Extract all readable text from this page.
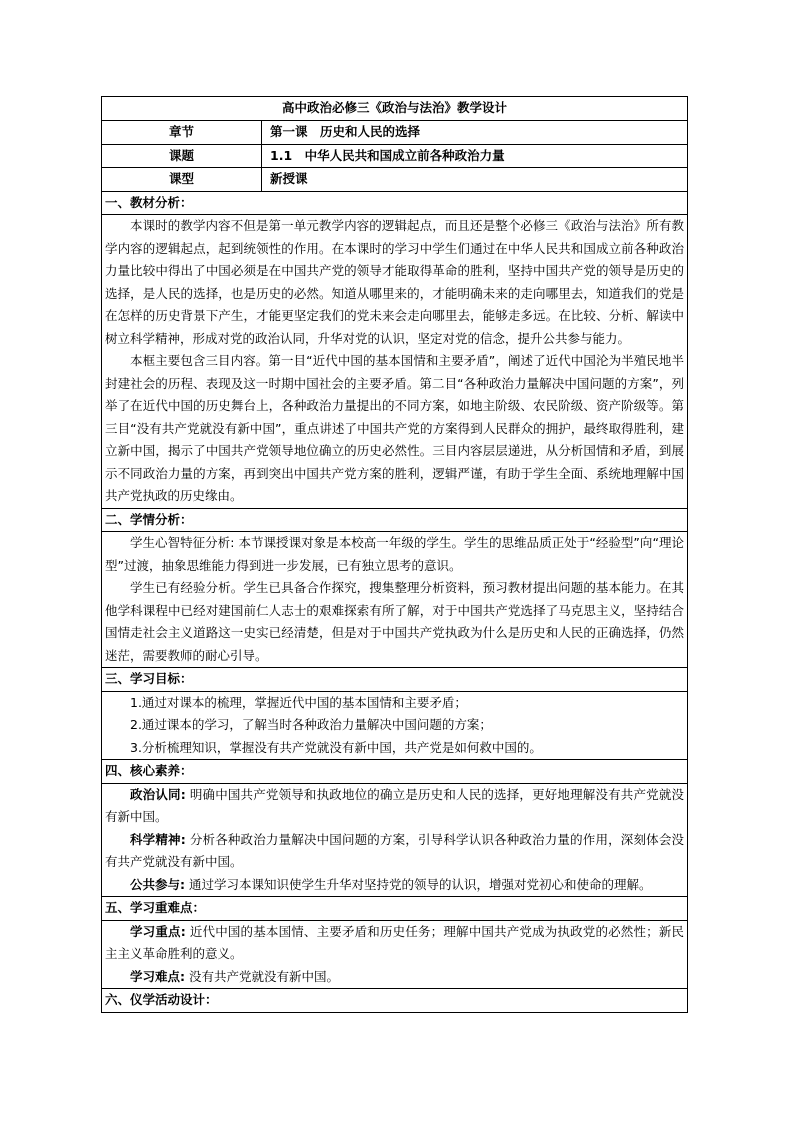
高中政治必修三《政治与法治》教学设计	
章节	第一课　历史和人民的选择
课题	1.1　中华人民共和国成立前各种政治力量
课型	新授课
一、教材分析：	

本课时的教学内容不但是第一单元教学内容的逻辑起点，而且还是整个必修三《政治与法治》所有教学内容的逻辑起点，起到统领性的作用。在本课时的学习中学生们通过在中华人民共和国成立前各种政治力量比较中得出了中国必须是在中国共产党的领导才能取得革命的胜利，坚持中国共产党的领导是历史的选择，是人民的选择，也是历史的必然。知道从哪里来的，才能明确未来的走向哪里去，知道我们的党是在怎样的历史背景下产生，才能更坚定我们的党未来会走向哪里去，能够走多远。在比较、分析、解读中树立科学精神，形成对党的政治认同，升华对党的认识，坚定对党的信念，提升公共参与能力。

本框主要包含三目内容。第一目“近代中国的基本国情和主要矛盾”，阐述了近代中国沦为半殖民地半封建社会的历程、表现及这一时期中国社会的主要矛盾。第二目“各种政治力量解决中国问题的方案”，列举了在近代中国的历史舞台上，各种政治力量提出的不同方案，如地主阶级、农民阶级、资产阶级等。第三目“没有共产党就没有新中国”，重点讲述了中国共产党的方案得到人民群众的拥护，最终取得胜利，建立新中国，揭示了中国共产党领导地位确立的历史必然性。三目内容层层递进，从分析国情和矛盾，到展示不同政治力量的方案，再到突出中国共产党方案的胜利，逻辑严谨，有助于学生全面、系统地理解中国共产党执政的历史缘由。	

二、学情分析：	

学生心智特征分析: 本节课授课对象是本校高一年级的学生。学生的思维品质正处于“经验型”向“理论型”过渡，抽象思维能力得到进一步发展，已有独立思考的意识。

学生已有经验分析。学生已具备合作探究，搜集整理分析资料，预习教材提出问题的基本能力。在其他学科课程中已经对建国前仁人志士的艰难探索有所了解，对于中国共产党选择了马克思主义，坚持结合国情走社会主义道路这一史实已经清楚，但是对于中国共产党执政为什么是历史和人民的正确选择，仍然迷茫，需要教师的耐心引导。	

三、学习目标：	

1.通过对课本的梳理，掌握近代中国的基本国情和主要矛盾；

2.通过课本的学习，了解当时各种政治力量解决中国问题的方案；

3.分析梳理知识，掌握没有共产党就没有新中国，共产党是如何救中国的。	

四、核心素养：	

政治认同: 明确中国共产党领导和执政地位的确立是历史和人民的选择，更好地理解没有共产党就没有新中国。

科学精神: 分析各种政治力量解决中国问题的方案，引导科学认识各种政治力量的作用，深刻体会没有共产党就没有新中国。

公共参与: 通过学习本课知识使学生升华对坚持党的领导的认识，增强对党初心和使命的理解。	

五、学习重难点：	

学习重点: 近代中国的基本国情、主要矛盾和历史任务；理解中国共产党成为执政党的必然性；新民主主义革命胜利的意义。

学习难点: 没有共产党就没有新中国。	

六、仪学活动设计：	
